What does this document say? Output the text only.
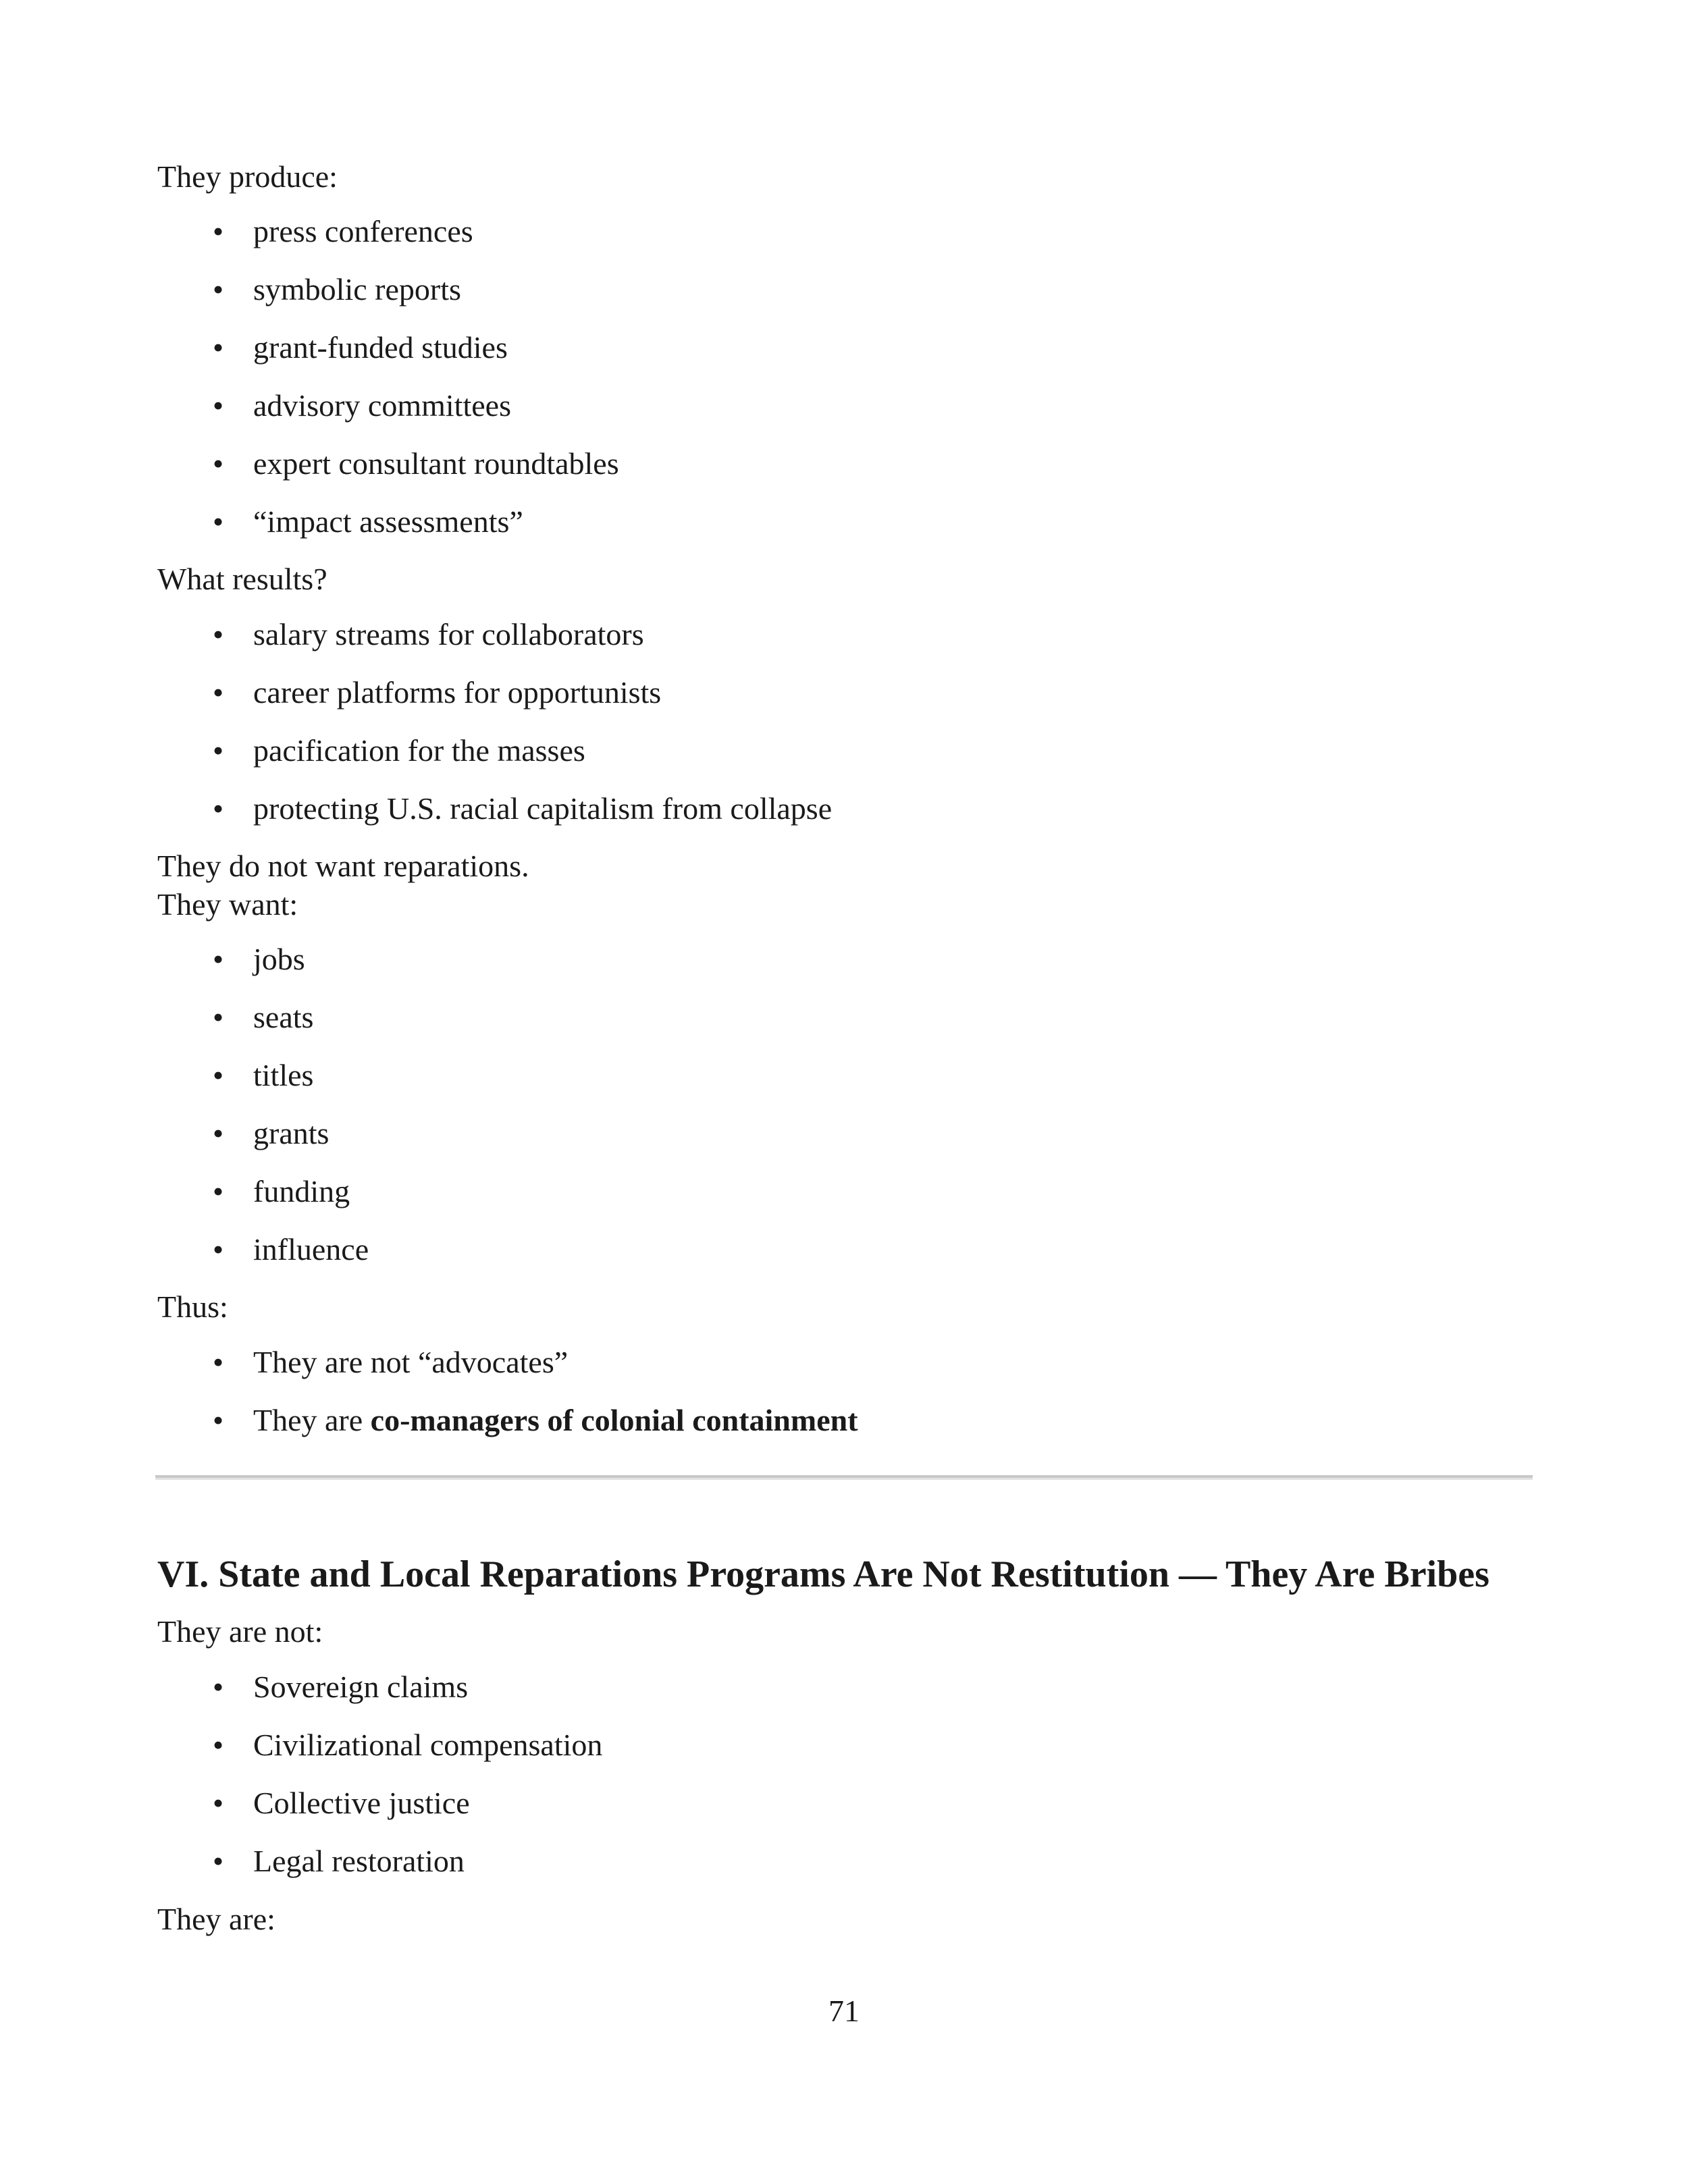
They produce:

• press conferences
• symbolic reports
• grant-funded studies
• advisory committees
• expert consultant roundtables
• “impact assessments”

What results?

• salary streams for collaborators
• career platforms for opportunists
• pacification for the masses
• protecting U.S. racial capitalism from collapse

They do not want reparations.

They want:

• jobs
• seats
• titles
• grants
• funding
• influence

Thus:

• They are not “advocates”
• They are co-managers of colonial containment
VI. State and Local Reparations Programs Are Not Restitution — They Are Bribes

They are not:

• Sovereign claims
• Civilizational compensation
• Collective justice
• Legal restoration

They are:

71
